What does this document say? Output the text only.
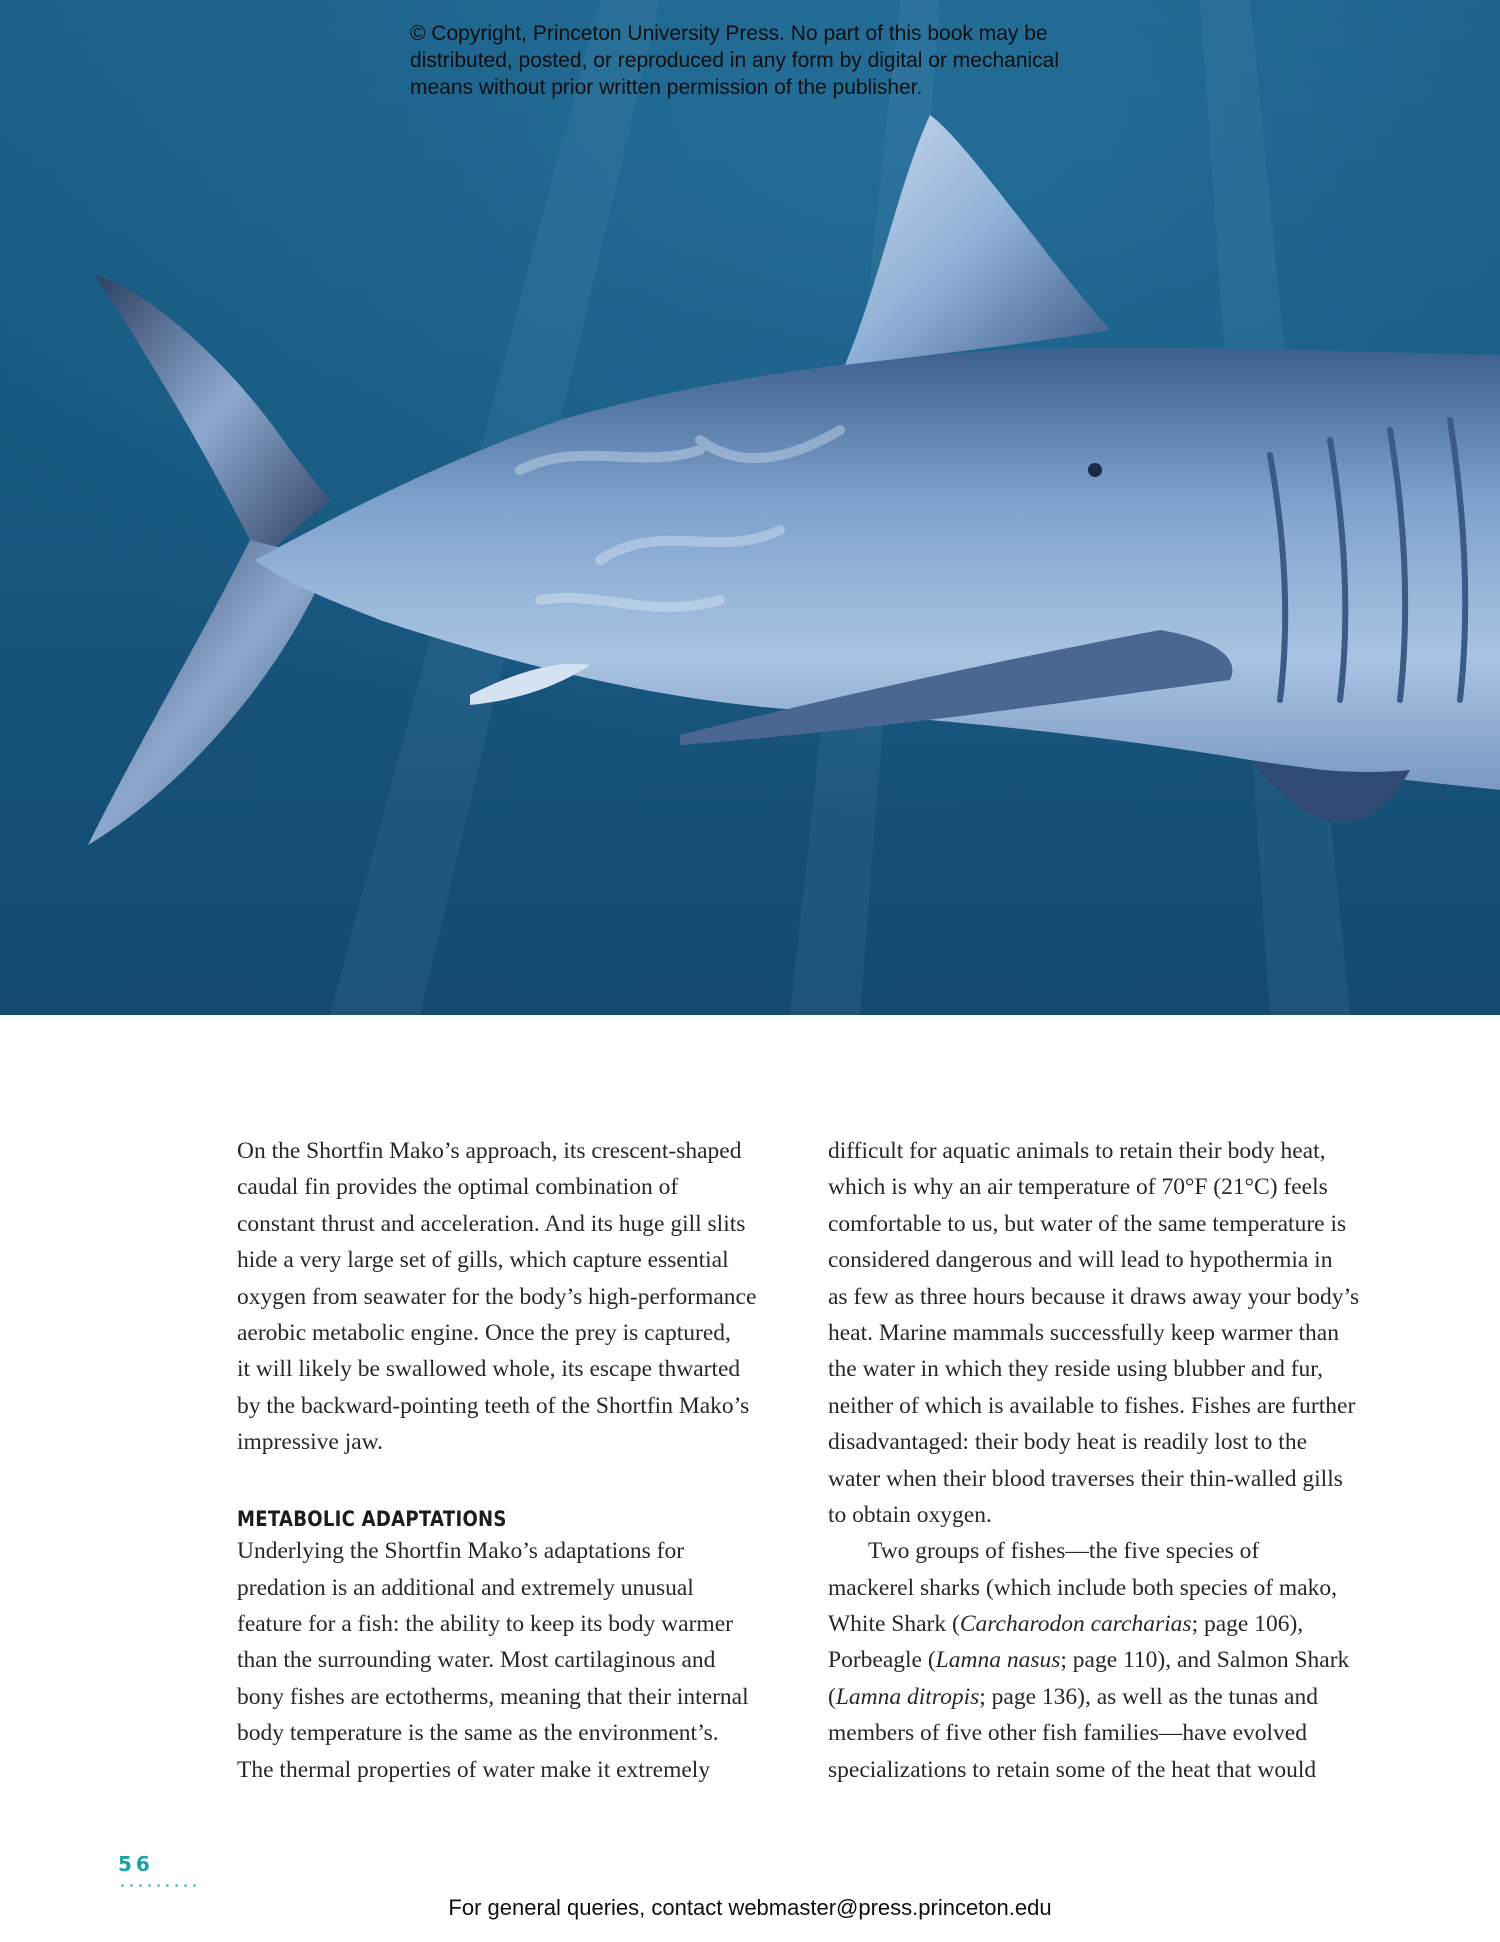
© Copyright, Princeton University Press. No part of this book may be
distributed, posted, or reproduced in any form by digital or mechanical
means without prior written permission of the publisher.
On the Shortfin Mako’s approach, its crescent-shaped
caudal fin provides the optimal combination of
constant thrust and acceleration. And its huge gill slits
hide a very large set of gills, which capture essential
oxygen from seawater for the body’s high-performance
aerobic metabolic engine. Once the prey is captured,
it will likely be swallowed whole, its escape thwarted
by the backward-pointing teeth of the Shortfin Mako’s
impressive jaw.
METABOLIC ADAPTATIONS
Underlying the Shortfin Mako’s adaptations for
predation is an additional and extremely unusual
feature for a fish: the ability to keep its body warmer
than the surrounding water. Most cartilaginous and
bony fishes are ectotherms, meaning that their internal
body temperature is the same as the environment’s.
The thermal properties of water make it extremely
difficult for aquatic animals to retain their body heat,
which is why an air temperature of 70°F (21°C) feels
comfortable to us, but water of the same temperature is
considered dangerous and will lead to hypothermia in
as few as three hours because it draws away your body’s
heat. Marine mammals successfully keep warmer than
the water in which they reside using blubber and fur,
neither of which is available to fishes. Fishes are further
disadvantaged: their body heat is readily lost to the
water when their blood traverses their thin-walled gills
to obtain oxygen.
Two groups of fishes—the five species of
mackerel sharks (which include both species of mako,
White Shark (Carcharodon carcharias; page 106),
Porbeagle (Lamna nasus; page 110), and Salmon Shark
(Lamna ditropis; page 136), as well as the tunas and
members of five other fish families—have evolved
specializations to retain some of the heat that would
56
For general queries, contact webmaster@press.princeton.edu
